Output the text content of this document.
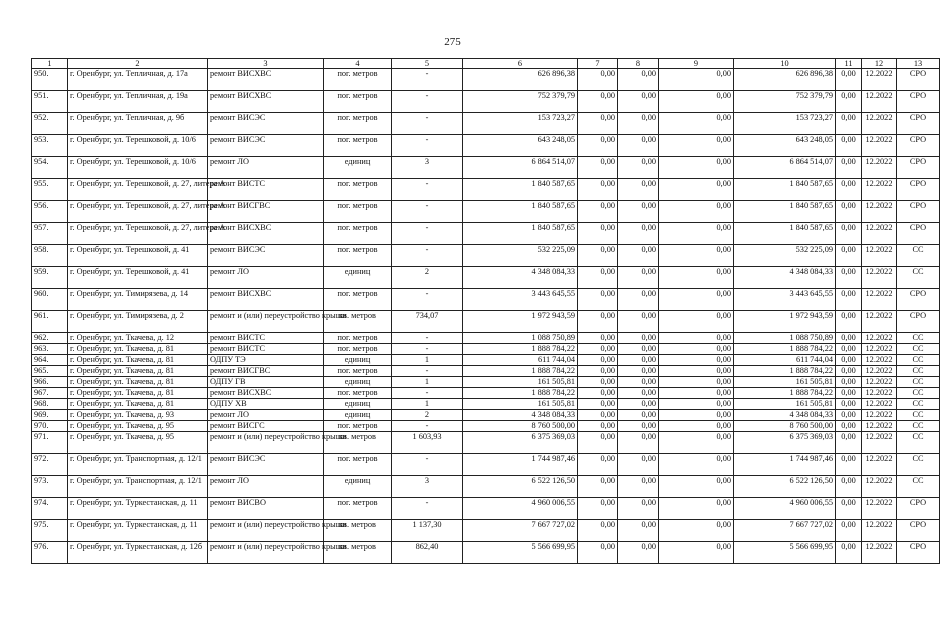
275
1	2	3	4	5	6	7	8	9	10	11	12	13
950.	г. Оренбург, ул. Тепличная, д. 17а	ремонт ВИСХВС	пог. метров	-	626 896,38	0,00	0,00	0,00	626 896,38	0,00	12.2022	СРО
951.	г. Оренбург, ул. Тепличная, д. 19а	ремонт ВИСХВС	пог. метров	-	752 379,79	0,00	0,00	0,00	752 379,79	0,00	12.2022	СРО
952.	г. Оренбург, ул. Тепличная, д. 9б	ремонт ВИСЭС	пог. метров	-	153 723,27	0,00	0,00	0,00	153 723,27	0,00	12.2022	СРО
953.	г. Оренбург, ул. Терешковой, д. 10/6	ремонт ВИСЭС	пог. метров	-	643 248,05	0,00	0,00	0,00	643 248,05	0,00	12.2022	СРО
954.	г. Оренбург, ул. Терешковой, д. 10/6	ремонт ЛО	единиц	3	6 864 514,07	0,00	0,00	0,00	6 864 514,07	0,00	12.2022	СРО
955.	г. Оренбург, ул. Терешковой, д. 27, литера А	ремонт ВИСТС	пог. метров	-	1 840 587,65	0,00	0,00	0,00	1 840 587,65	0,00	12.2022	СРО
956.	г. Оренбург, ул. Терешковой, д. 27, литера А	ремонт ВИСГВС	пог. метров	-	1 840 587,65	0,00	0,00	0,00	1 840 587,65	0,00	12.2022	СРО
957.	г. Оренбург, ул. Терешковой, д. 27, литера А	ремонт ВИСХВС	пог. метров	-	1 840 587,65	0,00	0,00	0,00	1 840 587,65	0,00	12.2022	СРО
958.	г. Оренбург, ул. Терешковой, д. 41	ремонт ВИСЭС	пог. метров	-	532 225,09	0,00	0,00	0,00	532 225,09	0,00	12.2022	СС
959.	г. Оренбург, ул. Терешковой, д. 41	ремонт ЛО	единиц	2	4 348 084,33	0,00	0,00	0,00	4 348 084,33	0,00	12.2022	СС
960.	г. Оренбург, ул. Тимирязева, д. 14	ремонт ВИСХВС	пог. метров	-	3 443 645,55	0,00	0,00	0,00	3 443 645,55	0,00	12.2022	СРО
961.	г. Оренбург, ул. Тимирязева, д. 2	ремонт и (или) переустройство крыши	кв. метров	734,07	1 972 943,59	0,00	0,00	0,00	1 972 943,59	0,00	12.2022	СРО
962.	г. Оренбург, ул. Ткачева, д. 12	ремонт ВИСТС	пог. метров	-	1 088 750,89	0,00	0,00	0,00	1 088 750,89	0,00	12.2022	СС
963.	г. Оренбург, ул. Ткачева, д. 81	ремонт ВИСТС	пог. метров	-	1 888 784,22	0,00	0,00	0,00	1 888 784,22	0,00	12.2022	СС
964.	г. Оренбург, ул. Ткачева, д. 81	ОДПУ ТЭ	единиц	1	611 744,04	0,00	0,00	0,00	611 744,04	0,00	12.2022	СС
965.	г. Оренбург, ул. Ткачева, д. 81	ремонт ВИСГВС	пог. метров	-	1 888 784,22	0,00	0,00	0,00	1 888 784,22	0,00	12.2022	СС
966.	г. Оренбург, ул. Ткачева, д. 81	ОДПУ ГВ	единиц	1	161 505,81	0,00	0,00	0,00	161 505,81	0,00	12.2022	СС
967.	г. Оренбург, ул. Ткачева, д. 81	ремонт ВИСХВС	пог. метров	-	1 888 784,22	0,00	0,00	0,00	1 888 784,22	0,00	12.2022	СС
968.	г. Оренбург, ул. Ткачева, д. 81	ОДПУ ХВ	единиц	1	161 505,81	0,00	0,00	0,00	161 505,81	0,00	12.2022	СС
969.	г. Оренбург, ул. Ткачева, д. 93	ремонт ЛО	единиц	2	4 348 084,33	0,00	0,00	0,00	4 348 084,33	0,00	12.2022	СС
970.	г. Оренбург, ул. Ткачева, д. 95	ремонт ВИСГС	пог. метров	-	8 760 500,00	0,00	0,00	0,00	8 760 500,00	0,00	12.2022	СС
971.	г. Оренбург, ул. Ткачева, д. 95	ремонт и (или) переустройство крыши	кв. метров	1 603,93	6 375 369,03	0,00	0,00	0,00	6 375 369,03	0,00	12.2022	СС
972.	г. Оренбург, ул. Транспортная, д. 12/1	ремонт ВИСЭС	пог. метров	-	1 744 987,46	0,00	0,00	0,00	1 744 987,46	0,00	12.2022	СС
973.	г. Оренбург, ул. Транспортная, д. 12/1	ремонт ЛО	единиц	3	6 522 126,50	0,00	0,00	0,00	6 522 126,50	0,00	12.2022	СС
974.	г. Оренбург, ул. Туркестанская, д. 11	ремонт ВИСВО	пог. метров	-	4 960 006,55	0,00	0,00	0,00	4 960 006,55	0,00	12.2022	СРО
975.	г. Оренбург, ул. Туркестанская, д. 11	ремонт и (или) переустройство крыши	кв. метров	1 137,30	7 667 727,02	0,00	0,00	0,00	7 667 727,02	0,00	12.2022	СРО
976.	г. Оренбург, ул. Туркестанская, д. 12б	ремонт и (или) переустройство крыши	кв. метров	862,40	5 566 699,95	0,00	0,00	0,00	5 566 699,95	0,00	12.2022	СРО
